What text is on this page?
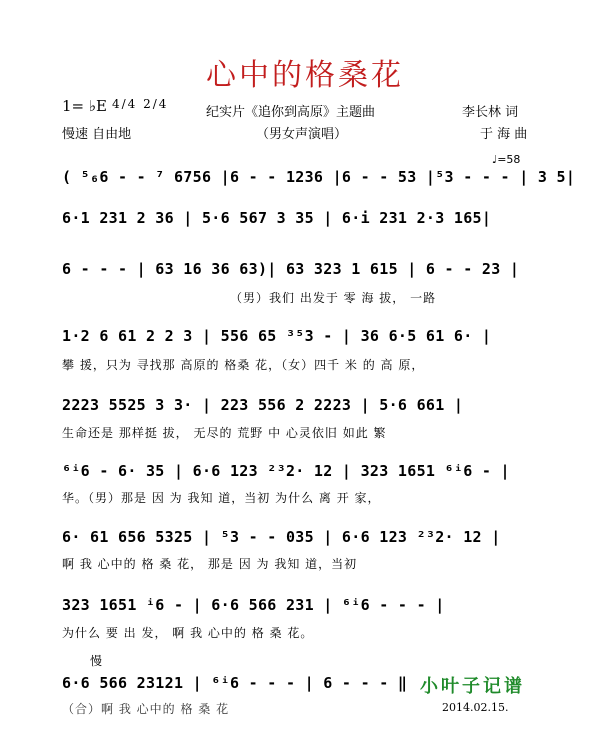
心中的格桑花
1= ♭E 4/4 2/4
慢速 自由地
纪实片《追你到高原》主题曲
（男女声演唱）
李长林 词
于 海 曲
♩=58
( ⁵₆6 - - ⁷ 6756 |6 - - 1236 |6 - - 53 |⁵3 - - - | 3 5|
6·1 231 2 36 | 5·6 567 3 35 | 6·i 231 2·3 165|
6 - - - | 63 16 36 63)| 63 323 1 615 | 6 - - 23 |
（男）我们 出发于 零 海 拔， 一路
1·2 6 61 2 2 3 | 556 65 ³⁵3 - | 36 6·5 61 6· |
攀 援，只为 寻找那 高原的 格桑 花，（女）四千 米 的 高 原，
2223 5525 3 3· | 223 556 2 2223 | 5·6 661 |
生命还是 那样挺 拔， 无尽的 荒野 中 心灵依旧 如此 繁
⁶ⁱ6 - 6· 35 | 6·6 123 ²³2· 12 | 323 1651 ⁶ⁱ6 - |
华。（男）那是 因 为 我知 道，当初 为什么 离 开 家，
6· 61 656 5325 | ⁵3 - - 035 | 6·6 123 ²³2· 12 |
啊 我 心中的 格 桑 花， 那是 因 为 我知 道，当初
323 1651 ⁱ6 - | 6·6 566 231 | ⁶ⁱ6 - - - |
为什么 要 出 发， 啊 我 心中的 格 桑 花。
慢
6·6 566 23121 | ⁶ⁱ6 - - - | 6 - - - ‖
（合）啊 我 心中的 格 桑 花
小叶子记谱
2014.02.15.
